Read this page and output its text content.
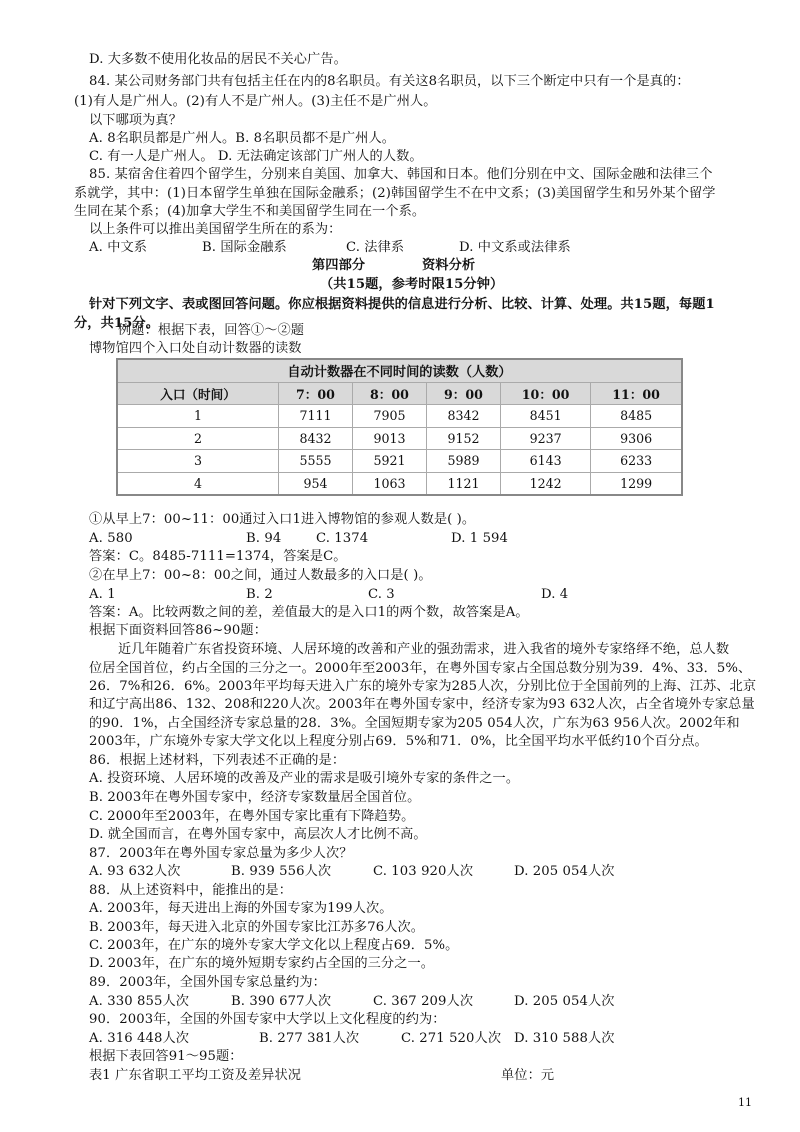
D. 大多数不使用化妆品的居民不关心广告。
84. 某公司财务部门共有包括主任在内的8名职员。有关这8名职员，以下三个断定中只有一个是真的：
(1)有人是广州人。(2)有人不是广州人。(3)主任不是广州人。
以下哪项为真？
A. 8名职员都是广州人。B. 8名职员都不是广州人。
C. 有一人是广州人。 D. 无法确定该部门广州人的人数。
85. 某宿舍住着四个留学生，分别来自美国、加拿大、韩国和日本。他们分别在中文、国际金融和法律三个
系就学，其中：(1)日本留学生单独在国际金融系；(2)韩国留学生不在中文系；(3)美国留学生和另外某个留学
生同在某个系；(4)加拿大学生不和美国留学生同在一个系。
以上条件可以推出美国留学生所在的系为：
A. 中文系	B. 国际金融系	C. 法律系	D. 中文系或法律系
第四部分	资料分析
（共15题，参考时限15分钟）
针对下列文字、表或图回答问题。你应根据资料提供的信息进行分析、比较、计算、处理。共15题，每题1
分，共15分。
例题：根据下表，回答①～②题
博物馆四个入口处自动计数器的读数
自动计数器在不同时间的读数（人数）					
入口（时间）	7：00	8：00	9：00	10：00	11：00
1	7111	7905	8342	8451	8485
2	8432	9013	9152	9237	9306
3	5555	5921	5989	6143	6233
4	954	1063	1121	1242	1299
①从早上7：00~11：00通过入口1进入博物馆的参观人数是( )。
A. 580	B. 94	C. 1374	D. 1 594
答案：C。8485-7111=1374，答案是C。
②在早上7：00~8：00之间，通过人数最多的入口是( )。
A. 1	B. 2	C. 3	D. 4
答案：A。比较两数之间的差，差值最大的是入口1的两个数，故答案是A。
根据下面资料回答86~90题：
近几年随着广东省投资环境、人居环境的改善和产业的强劲需求，进入我省的境外专家络绎不绝，总人数
位居全国首位，约占全国的三分之一。2000年至2003年，在粤外国专家占全国总数分别为39．4%、33．5%、
26．7%和26．6%。2003年平均每天进入广东的境外专家为285人次，分别比位于全国前列的上海、江苏、北京
和辽宁高出86、132、208和220人次。2003年在粤外国专家中，经济专家为93 632人次，占全省境外专家总量
的90．1%，占全国经济专家总量的28．3%。全国短期专家为205 054人次，广东为63 956人次。2002年和
2003年，广东境外专家大学文化以上程度分别占69．5%和71．0%，比全国平均水平低约10个百分点。
86．根据上述材料，下列表述不正确的是：
A. 投资环境、人居环境的改善及产业的需求是吸引境外专家的条件之一。
B. 2003年在粤外国专家中，经济专家数量居全国首位。
C. 2000年至2003年，在粤外国专家比重有下降趋势。
D. 就全国而言，在粤外国专家中，高层次人才比例不高。
87．2003年在粤外国专家总量为多少人次？
A. 93 632人次	B. 939 556人次	C. 103 920人次	D. 205 054人次
88．从上述资料中，能推出的是：
A. 2003年，每天进出上海的外国专家为199人次。
B. 2003年，每天进入北京的外国专家比江苏多76人次。
C. 2003年，在广东的境外专家大学文化以上程度占69．5%。
D. 2003年，在广东的境外短期专家约占全国的三分之一。
89．2003年，全国外国专家总量约为：
A. 330 855人次	B. 390 677人次	C. 367 209人次	D. 205 054人次
90．2003年，全国的外国专家中大学以上文化程度的约为：
A. 316 448人次	B. 277 381人次	C. 271 520人次 D. 310 588人次
根据下表回答91～95题：
表1 广东省职工平均工资及差异状况	单位：元
11
